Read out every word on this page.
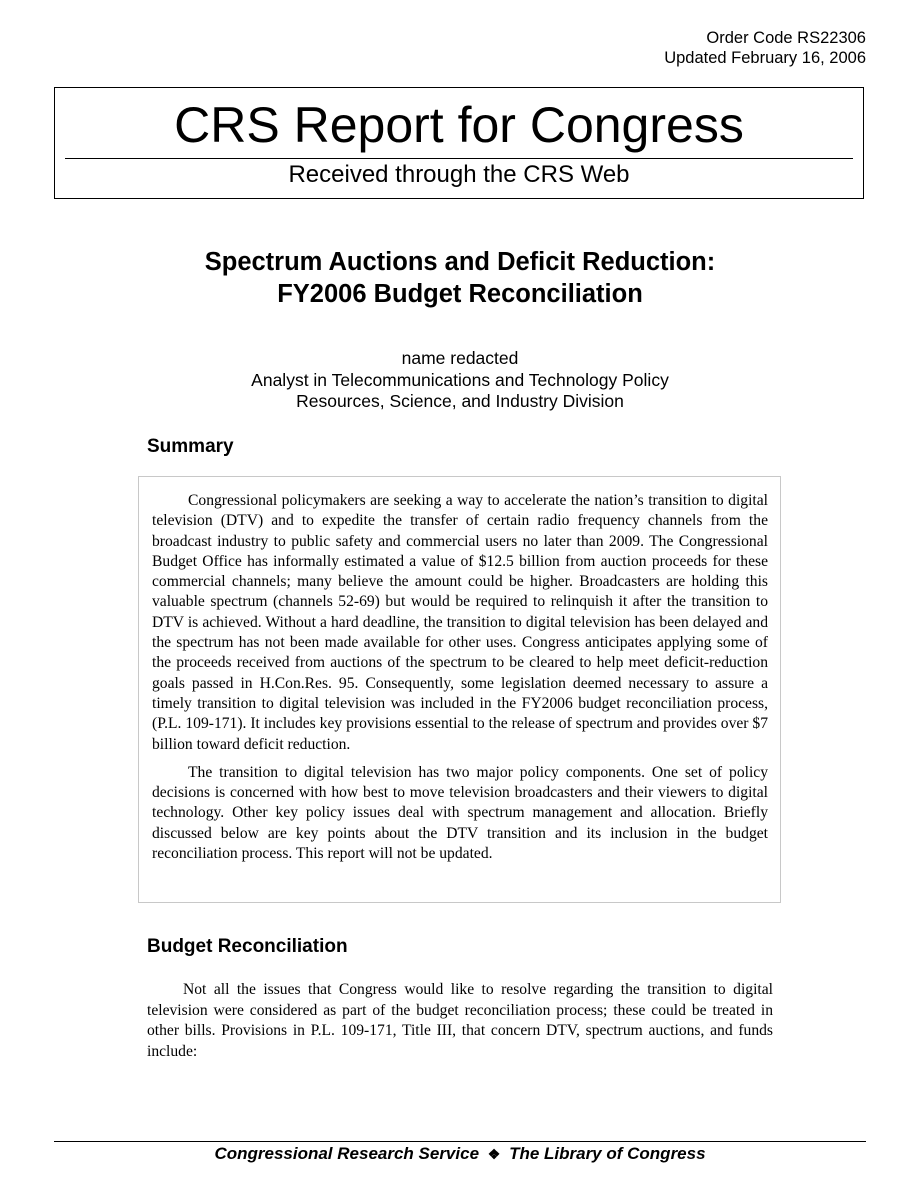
Order Code RS22306
Updated February 16, 2006
CRS Report for Congress
Received through the CRS Web
Spectrum Auctions and Deficit Reduction:
FY2006 Budget Reconciliation
name redacted
Analyst in Telecommunications and Technology Policy
Resources, Science, and Industry Division
Summary

Congressional policymakers are seeking a way to accelerate the nation’s transition to digital television (DTV) and to expedite the transfer of certain radio frequency channels from the broadcast industry to public safety and commercial users no later than 2009. The Congressional Budget Office has informally estimated a value of $12.5 billion from auction proceeds for these commercial channels; many believe the amount could be higher. Broadcasters are holding this valuable spectrum (channels 52-69) but would be required to relinquish it after the transition to DTV is achieved. Without a hard deadline, the transition to digital television has been delayed and the spectrum has not been made available for other uses. Congress anticipates applying some of the proceeds received from auctions of the spectrum to be cleared to help meet deficit-reduction goals passed in H.Con.Res. 95. Consequently, some legislation deemed necessary to assure a timely transition to digital television was included in the FY2006 budget reconciliation process, (P.L. 109-171). It includes key provisions essential to the release of spectrum and provides over $7 billion toward deficit reduction.

The transition to digital television has two major policy components. One set of policy decisions is concerned with how best to move television broadcasters and their viewers to digital technology. Other key policy issues deal with spectrum management and allocation. Briefly discussed below are key points about the DTV transition and its inclusion in the budget reconciliation process. This report will not be updated.

Budget Reconciliation

Not all the issues that Congress would like to resolve regarding the transition to digital television were considered as part of the budget reconciliation process; these could be treated in other bills. Provisions in P.L. 109-171, Title III, that concern DTV, spectrum auctions, and funds include:

Congressional Research Service ❖ The Library of Congress
